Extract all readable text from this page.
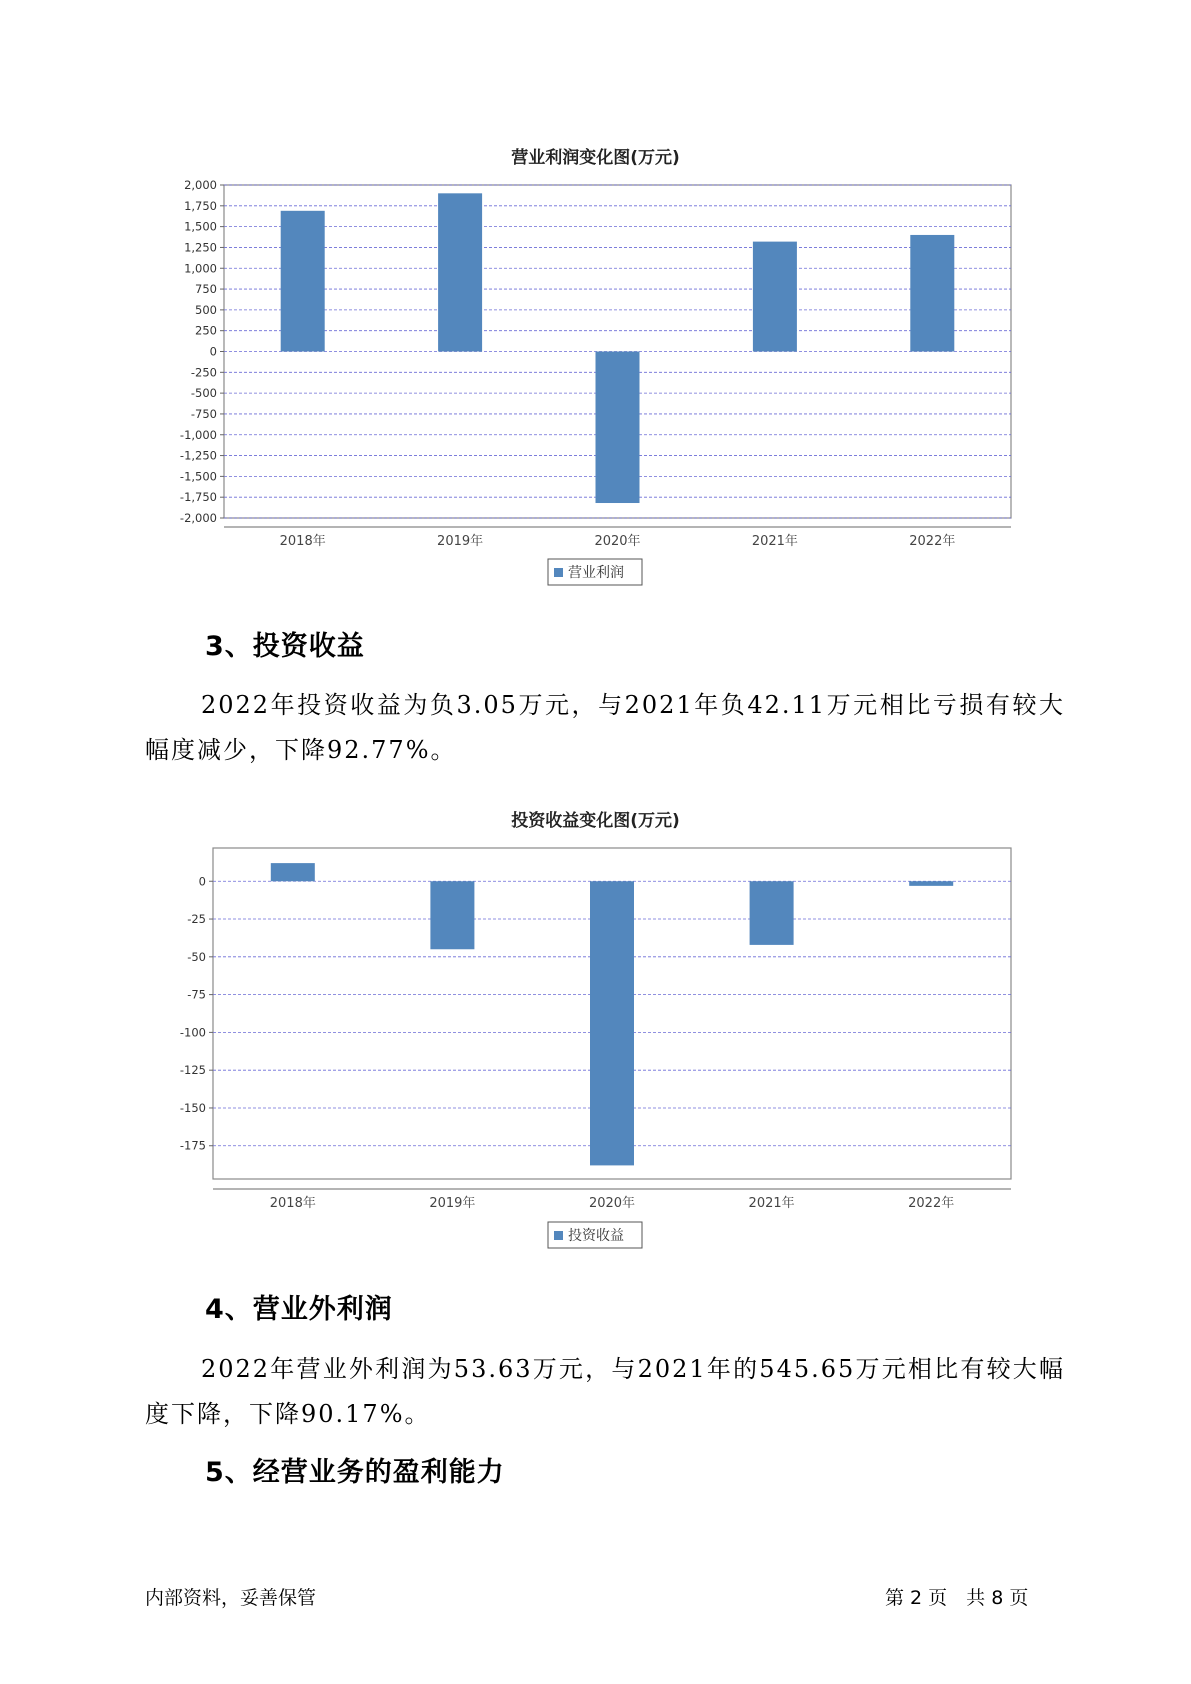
营业利润变化图(万元)
2,000
1,750
1,500
1,250
1,000
750
500
250
0
-250
-500
-750
-1,000
-1,250
-1,500
-1,750
-2,000
2018年	2019年	2020年	2021年	2022年
营业利润
3、投资收益
2022年投资收益为负3.05万元，与2021年负42.11万元相比亏损有较大幅度减少，下降92.77%。
投资收益变化图(万元)
0
-25
-50
-75
-100
-125
-150
-175
2018年	2019年	2020年	2021年	2022年
投资收益
4、营业外利润
2022年营业外利润为53.63万元，与2021年的545.65万元相比有较大幅度下降，下降90.17%。
5、经营业务的盈利能力
内部资料，妥善保管	第 2 页　共 8 页
